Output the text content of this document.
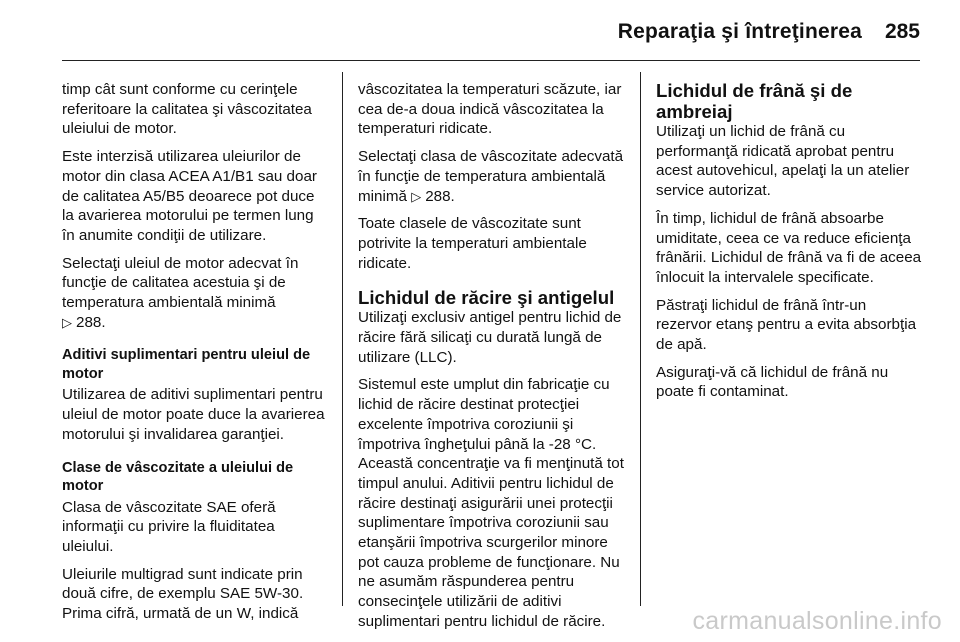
Reparaţia şi întreţinerea 285

timp cât sunt conforme cu cerinţele referitoare la calitatea şi vâscozitatea uleiului de motor.

Este interzisă utilizarea uleiurilor de motor din clasa ACEA A1/B1 sau doar de calitatea A5/B5 deoarece pot duce la avarierea motorului pe termen lung în anumite condiţii de utilizare.

Selectaţi uleiul de motor adecvat în funcţie de calitatea acestuia şi de temperatura ambientală minimă
▷ 288.

Aditivi suplimentari pentru uleiul de motor

Utilizarea de aditivi suplimentari pentru uleiul de motor poate duce la avarierea motorului şi invalidarea garanţiei.

Clase de vâscozitate a uleiului de motor

Clasa de vâscozitate SAE oferă informaţii cu privire la fluiditatea uleiului.

Uleiurile multigrad sunt indicate prin două cifre, de exemplu SAE 5W-30. Prima cifră, urmată de un W, indică

vâscozitatea la temperaturi scăzute, iar cea de-a doua indică vâscozitatea la temperaturi ridicate.

Selectaţi clasa de vâscozitate adecvată în funcţie de temperatura ambientală minimă ▷ 288.

Toate clasele de vâscozitate sunt potrivite la temperaturi ambientale ridicate.

Lichidul de răcire şi antigelul

Utilizaţi exclusiv antigel pentru lichid de răcire fără silicaţi cu durată lungă de utilizare (LLC).

Sistemul este umplut din fabricaţie cu lichid de răcire destinat protecţiei excelente împotriva coroziunii şi împotriva îngheţului până la -28 °C. Această concentraţie va fi menţinută tot timpul anului. Aditivii pentru lichidul de răcire destinaţi asigurării unei protecţii suplimentare împotriva coroziunii sau etanşării împotriva scurgerilor minore pot cauza probleme de funcţionare. Nu ne asumăm răspunderea pentru consecinţele utilizării de aditivi suplimentari pentru lichidul de răcire.

Lichidul de frână şi de ambreiaj

Utilizaţi un lichid de frână cu performanţă ridicată aprobat pentru acest autovehicul, apelaţi la un atelier service autorizat.

În timp, lichidul de frână absoarbe umiditate, ceea ce va reduce eficienţa frânării. Lichidul de frână va fi de aceea înlocuit la intervalele specificate.

Păstraţi lichidul de frână într-un rezervor etanş pentru a evita absorbţia de apă.

Asiguraţi-vă că lichidul de frână nu poate fi contaminat.

carmanualsonline.info
